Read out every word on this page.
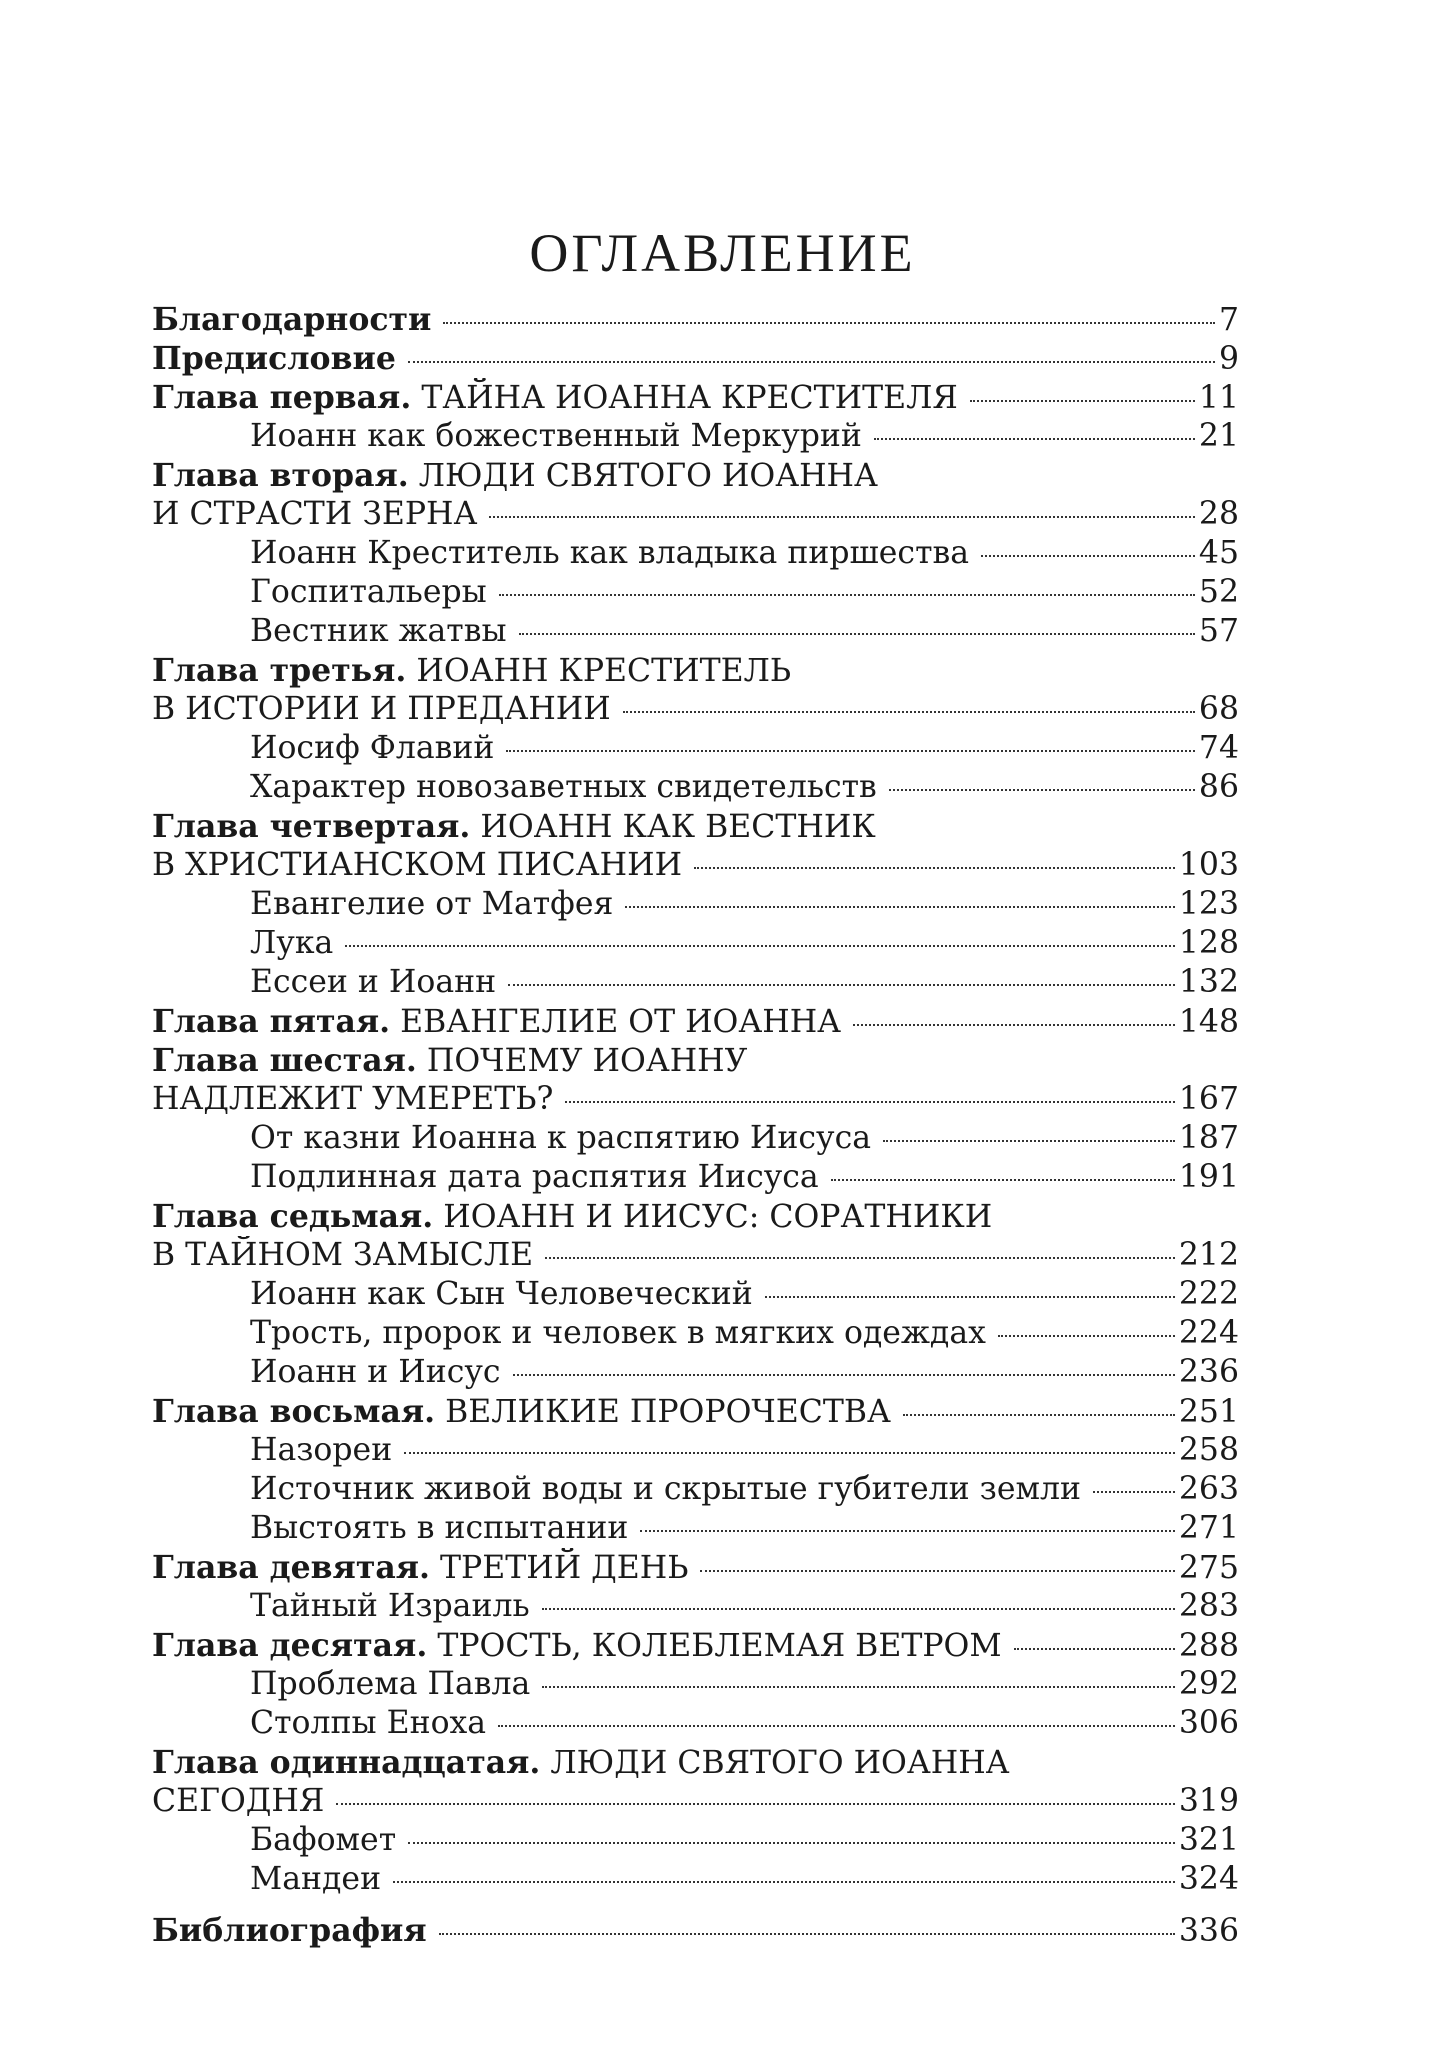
ОГЛАВЛЕНИЕ
Благодарности	7
Предисловие	9
Глава первая. ТАЙНА ИОАННА КРЕСТИТЕЛЯ	11
Иоанн как божественный Меркурий	21
Глава вторая. ЛЮДИ СВЯТОГО ИОАННА
И СТРАСТИ ЗЕРНА	28
Иоанн Креститель как владыка пиршества	45
Госпитальеры	52
Вестник жатвы	57
Глава третья. ИОАНН КРЕСТИТЕЛЬ
В ИСТОРИИ И ПРЕДАНИИ	68
Иосиф Флавий	74
Характер новозаветных свидетельств	86
Глава четвертая. ИОАНН КАК ВЕСТНИК
В ХРИСТИАНСКОМ ПИСАНИИ	103
Евангелие от Матфея	123
Лука	128
Ессеи и Иоанн	132
Глава пятая. ЕВАНГЕЛИЕ ОТ ИОАННА	148
Глава шестая. ПОЧЕМУ ИОАННУ
НАДЛЕЖИТ УМЕРЕТЬ?	167
От казни Иоанна к распятию Иисуса	187
Подлинная дата распятия Иисуса	191
Глава седьмая. ИОАНН И ИИСУС: СОРАТНИКИ
В ТАЙНОМ ЗАМЫСЛЕ	212
Иоанн как Сын Человеческий	222
Трость, пророк и человек в мягких одеждах	224
Иоанн и Иисус	236
Глава восьмая. ВЕЛИКИЕ ПРОРОЧЕСТВА	251
Назореи	258
Источник живой воды и скрытые губители земли	263
Выстоять в испытании	271
Глава девятая. ТРЕТИЙ ДЕНЬ	275
Тайный Израиль	283
Глава десятая. ТРОСТЬ, КОЛЕБЛЕМАЯ ВЕТРОМ	288
Проблема Павла	292
Столпы Еноха	306
Глава одиннадцатая. ЛЮДИ СВЯТОГО ИОАННА
СЕГОДНЯ	319
Бафомет	321
Мандеи	324
Библиография	336
